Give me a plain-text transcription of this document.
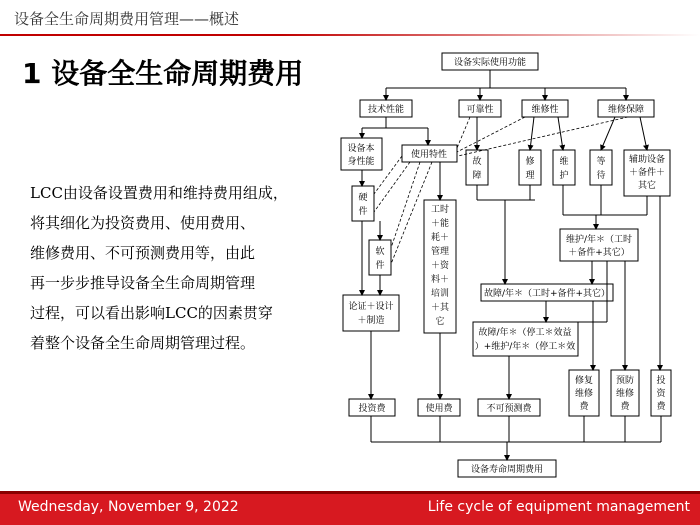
设备全生命周期费用管理——概述
1 设备全生命周期费用
LCC由设备设置费用和维持费用组成，
将其细化为投资费用、使用费用、
维修费用、不可预测费用等，由此
再一步步推导设备全生命周期管理
过程，可以看出影响LCC的因素贯穿
着整个设备全生命周期管理过程。
设备实际使用功能
技术性能	可靠性	维修性	维修保障
设备本
身性能
使用特性
故
障
修
理
维
护
等
待
辅助设备
＋备件＋
其它
硬
件
软
件
工时
＋能
耗＋
管理
＋资
料＋
培训
＋其
它
维护/年＊（工时
＋备件+其它）
故障/年＊（工时+备件+其它）
论证＋设计
＋制造
故障/年＊（停工＊效益
）+维护/年＊（停工＊效
修复
维修
费
预防
维修
费
投
资
费
投资费	使用费	不可预测费
设备寿命周期费用
Wednesday, November 9, 2022	Life cycle of equipment management
